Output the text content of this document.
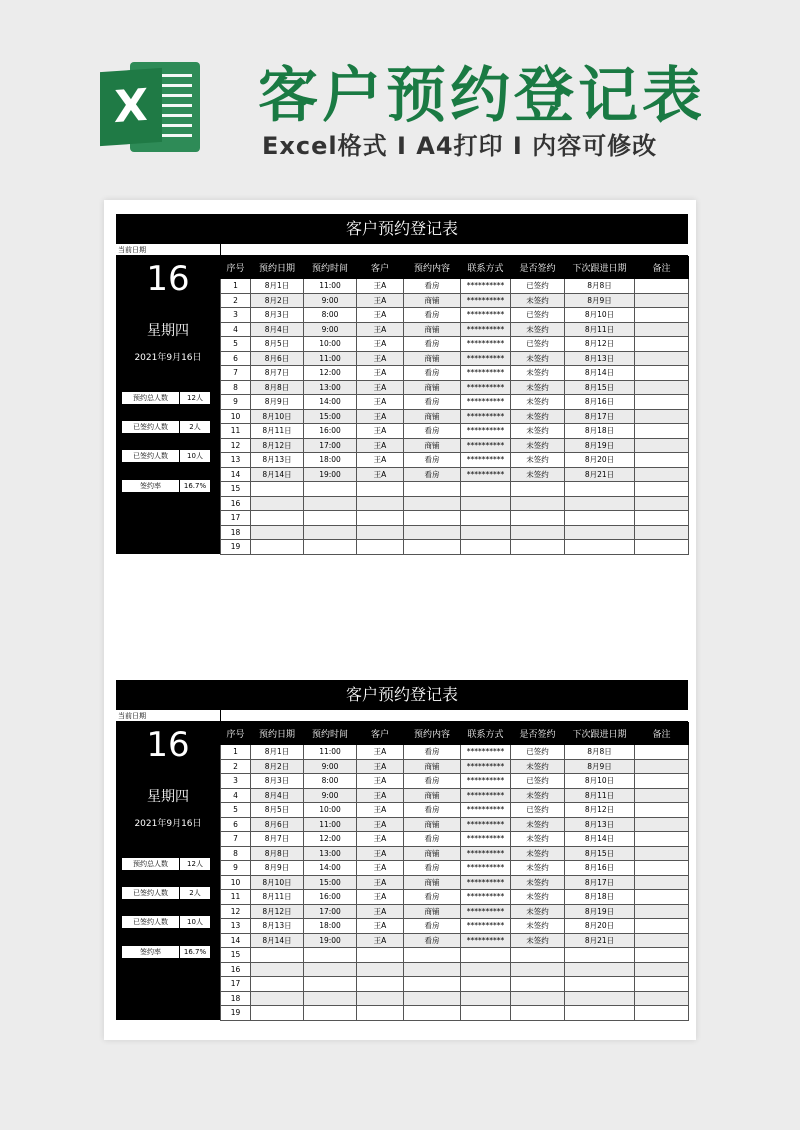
X 客户预约登记表
Excel格式 I A4打印 I 内容可修改
客户预约登记表
当前日期
16
星期四
2021年9月16日
预约总人数	12人
已签约人数	2人
已签约人数	10人
签约率	16.7%
序号	预约日期	预约时间	客户	预约内容	联系方式	是否签约	下次跟进日期	备注
1	8月1日	11:00	王A	看房	**********	已签约	8月8日	
2	8月2日	9:00	王A	商铺	**********	未签约	8月9日	
3	8月3日	8:00	王A	看房	**********	已签约	8月10日	
4	8月4日	9:00	王A	商铺	**********	未签约	8月11日	
5	8月5日	10:00	王A	看房	**********	已签约	8月12日	
6	8月6日	11:00	王A	商铺	**********	未签约	8月13日	
7	8月7日	12:00	王A	看房	**********	未签约	8月14日	
8	8月8日	13:00	王A	商铺	**********	未签约	8月15日	
9	8月9日	14:00	王A	看房	**********	未签约	8月16日	
10	8月10日	15:00	王A	商铺	**********	未签约	8月17日	
11	8月11日	16:00	王A	看房	**********	未签约	8月18日	
12	8月12日	17:00	王A	商铺	**********	未签约	8月19日	
13	8月13日	18:00	王A	看房	**********	未签约	8月20日	
14	8月14日	19:00	王A	看房	**********	未签约	8月21日	
15								
16								
17								
18								
19								
客户预约登记表
当前日期
16
星期四
2021年9月16日
预约总人数	12人
已签约人数	2人
已签约人数	10人
签约率	16.7%
序号	预约日期	预约时间	客户	预约内容	联系方式	是否签约	下次跟进日期	备注
1	8月1日	11:00	王A	看房	**********	已签约	8月8日	
2	8月2日	9:00	王A	商铺	**********	未签约	8月9日	
3	8月3日	8:00	王A	看房	**********	已签约	8月10日	
4	8月4日	9:00	王A	商铺	**********	未签约	8月11日	
5	8月5日	10:00	王A	看房	**********	已签约	8月12日	
6	8月6日	11:00	王A	商铺	**********	未签约	8月13日	
7	8月7日	12:00	王A	看房	**********	未签约	8月14日	
8	8月8日	13:00	王A	商铺	**********	未签约	8月15日	
9	8月9日	14:00	王A	看房	**********	未签约	8月16日	
10	8月10日	15:00	王A	商铺	**********	未签约	8月17日	
11	8月11日	16:00	王A	看房	**********	未签约	8月18日	
12	8月12日	17:00	王A	商铺	**********	未签约	8月19日	
13	8月13日	18:00	王A	看房	**********	未签约	8月20日	
14	8月14日	19:00	王A	看房	**********	未签约	8月21日	
15								
16								
17								
18								
19								
